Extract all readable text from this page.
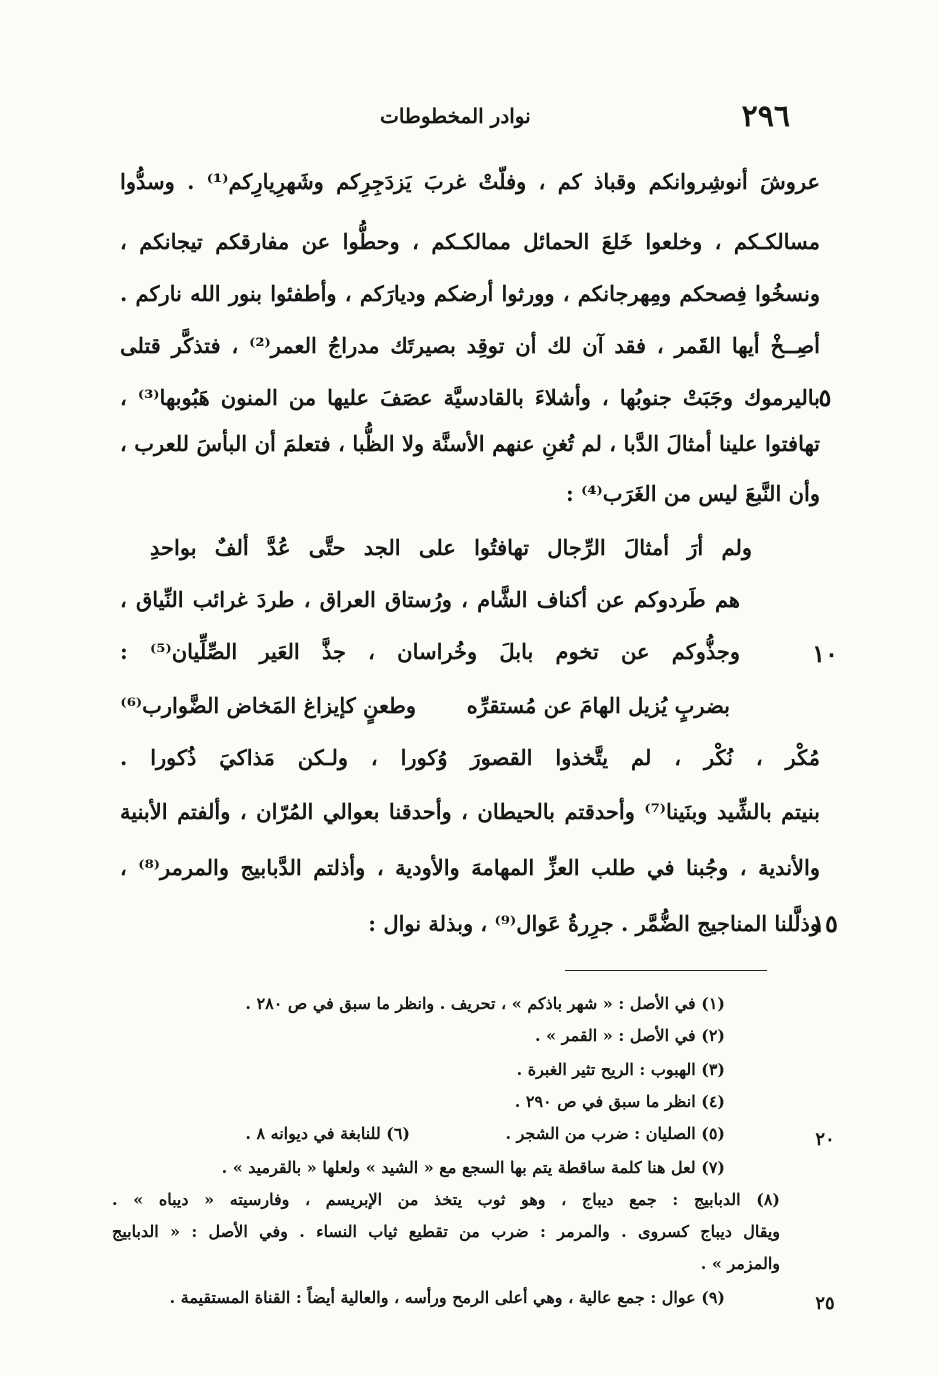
٢٩٦
نوادر المخطوطات
عروشَ أنوشِروانكم وقباذ كم ، وفلّتْ غربَ يَزدَجِرِكم وشَهرِيارِكم⁽¹⁾ . وسدُّوا
مسالكـكم ، وخلعوا خَلعَ الحمائل ممالكـكم ، وحطُّوا عن مفارقكم تيجانكم ،
ونسخُوا فِصحكم ومِهرجانكم ، وورثوا أرضكم وديارَكم ، وأطفئوا بنور الله ناركم .
أصِــخْ أيها القَمر ، فقد آن لك أن توقِد بصيرتَك مدراجُ العمر⁽²⁾ ، فتذكَّر قتلى
باليرموك وجَبَتْ جنوبُها ، وأشلاءَ بالقادسيَّة عصَفَ عليها من المنون هَبُوبها⁽³⁾ ،
٥
تهافتوا علينا أمثالَ الدَّبا ، لم تُغنِ عنهم الأسنَّة ولا الظُّبا ، فتعلمَ أن البأسَ للعرب ،
وأن النَّبعَ ليس من الغَرَب⁽⁴⁾ :
ولم أرَ أمثالَ الرِّجال تهافتُوا على الجد حتَّى عُدَّ ألفٌ بواحدِ
هم طَردوكم عن أكناف الشَّام ، ورُستاق العراق ، طردَ غرائب النِّياق ،
وجذُّوكم عن تخوم بابلَ وخُراسان ، جذَّ العَير الصِّلِّيان⁽⁵⁾ :	١٠
بضربٍ يُزيل الهامَ عن مُستقرِّه
وطعنٍ كإيزاغ المَخاض الضَّوارب⁽⁶⁾
مُكْر ، نُكْر ، لم يتَّخذوا القصورَ وُكورا ، ولـكن مَذاكيَ ذُكورا .
بنيتم بالشِّيد وبنَينا⁽⁷⁾ وأحدقتم بالحيطان ، وأحدقنا بعوالي المُرّان ، وألفتم الأبنية
والأندية ، وجُبنا في طلب العزِّ المهامهَ والأودية ، وأذلتم الدَّبابيج والمرمر⁽⁸⁾ ،
وذلَّلنا المناجيج الضُّمَّر . جرِرةُ عَوال⁽⁹⁾ ، وبذلة نوال :
١٥
(١) في الأصل : « شهر باذكم » ، تحريف . وانظر ما سبق في ص ٢٨٠ .
(٢) في الأصل : « القمر » .
(٣) الهبوب : الريح تثير الغبرة .
(٤) انظر ما سبق في ص ٢٩٠ .
(٥) الصليان : ضرب من الشجر .
(٦) للنابغة في ديوانه ٨ .	٢٠
(٧) لعل هنا كلمة ساقطة يتم بها السجع مع « الشيد » ولعلها « بالقرميد » .
(٨) الدبابيج : جمع ديباج ، وهو ثوب يتخذ من الإبريسم ، وفارسيته « ديباه » .
ويقال ديباج كسروى . والمرمر : ضرب من تقطيع ثياب النساء . وفي الأصل : « الدبابيج
والمزمر » .
(٩) عوال : جمع عالية ، وهي أعلى الرمح ورأسه ، والعالية أيضاً : القناة المستقيمة .	٢٥
